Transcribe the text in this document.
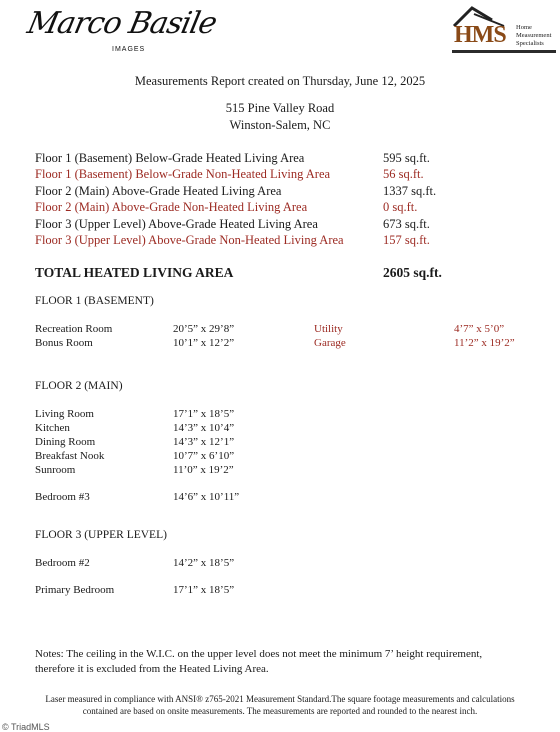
Marco Basile
IMAGES
HMS Home
Measurement
Specialists
Measurements Report created on Thursday, June 12, 2025
515 Pine Valley Road
Winston-Salem, NC
Floor 1 (Basement) Below-Grade Heated Living Area	595 sq.ft.
Floor 1 (Basement) Below-Grade Non-Heated Living Area	56 sq.ft.
Floor 2 (Main) Above-Grade Heated Living Area	1337 sq.ft.
Floor 2 (Main) Above-Grade Non-Heated Living Area	0 sq.ft.
Floor 3 (Upper Level) Above-Grade Heated Living Area	673 sq.ft.
Floor 3 (Upper Level) Above-Grade Non-Heated Living Area	157 sq.ft.
TOTAL HEATED LIVING AREA	2605 sq.ft.
FLOOR 1 (BASEMENT)
Recreation Room	20’5” x 29’8”	Utility	4’7” x 5’0”
Bonus Room	10’1” x 12’2”	Garage	11’2” x 19’2”
FLOOR 2 (MAIN)
Living Room	17’1” x 18’5”
Kitchen	14’3” x 10’4”
Dining Room	14’3” x 12’1”
Breakfast Nook	10’7” x 6’10”
Sunroom	11’0” x 19’2”
Bedroom #3	14’6” x 10’11”
FLOOR 3 (UPPER LEVEL)
Bedroom #2	14’2” x 18’5”
Primary Bedroom	17’1” x 18’5”
Notes: The ceiling in the W.I.C. on the upper level does not meet the minimum 7’ height requirement,
therefore it is excluded from the Heated Living Area.
Laser measured in compliance with ANSI® z765-2021 Measurement Standard.The square footage measurements and calculations
contained are based on onsite measurements. The measurements are reported and rounded to the nearest inch.
© TriadMLS
